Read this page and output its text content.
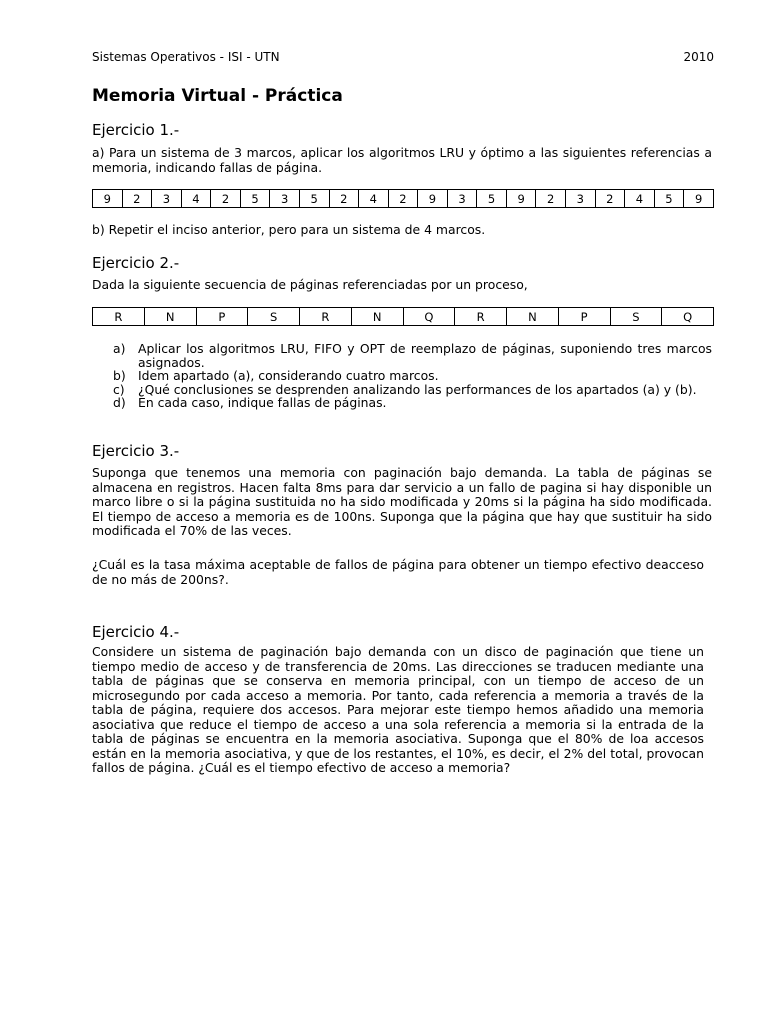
Sistemas Operativos - ISI - UTN	2010
Memoria Virtual - Práctica
Ejercicio 1.-

a) Para un sistema de 3 marcos, aplicar los algoritmos LRU y óptimo a las siguientes referencias a memoria, indicando fallas de página.

9	2	3	4	2	5	3	5	2	4	2	9	3	5	9	2	3	2	4	5	9

b) Repetir el inciso anterior, pero para un sistema de 4 marcos.

Ejercicio 2.-

Dada la siguiente secuencia de páginas referenciadas por un proceso,

R	N	P	S	R	N	Q	R	N	P	S	Q
a) Aplicar los algoritmos LRU, FIFO y OPT de reemplazo de páginas, suponiendo tres marcos asignados.
b) Idem apartado (a), considerando cuatro marcos.
c) ¿Qué conclusiones se desprenden analizando las performances de los apartados (a) y (b).
d) En cada caso, indique fallas de páginas.
Ejercicio 3.-

Suponga que tenemos una memoria con paginación bajo demanda. La tabla de páginas se almacena en registros. Hacen falta 8ms para dar servicio a un fallo de pagina si hay disponible un marco libre o si la página sustituida no ha sido modificada y 20ms si la página ha sido modificada. El tiempo de acceso a memoria es de 100ns. Suponga que la página que hay que sustituir ha sido modificada el 70% de las veces.

¿Cuál es la tasa máxima aceptable de fallos de página para obtener un tiempo efectivo deacceso de no más de 200ns?.

Ejercicio 4.-

Considere un sistema de paginación bajo demanda con un disco de paginación que tiene un tiempo medio de acceso y de transferencia de 20ms. Las direcciones se traducen mediante una tabla de páginas que se conserva en memoria principal, con un tiempo de acceso de un microsegundo por cada acceso a memoria. Por tanto, cada referencia a memoria a través de la tabla de página, requiere dos accesos. Para mejorar este tiempo hemos añadido una memoria asociativa que reduce el tiempo de acceso a una sola referencia a memoria si la entrada de la tabla de páginas se encuentra en la memoria asociativa. Suponga que el 80% de loa accesos están en la memoria asociativa, y que de los restantes, el 10%, es decir, el 2% del total, provocan fallos de página. ¿Cuál es el tiempo efectivo de acceso a memoria?
